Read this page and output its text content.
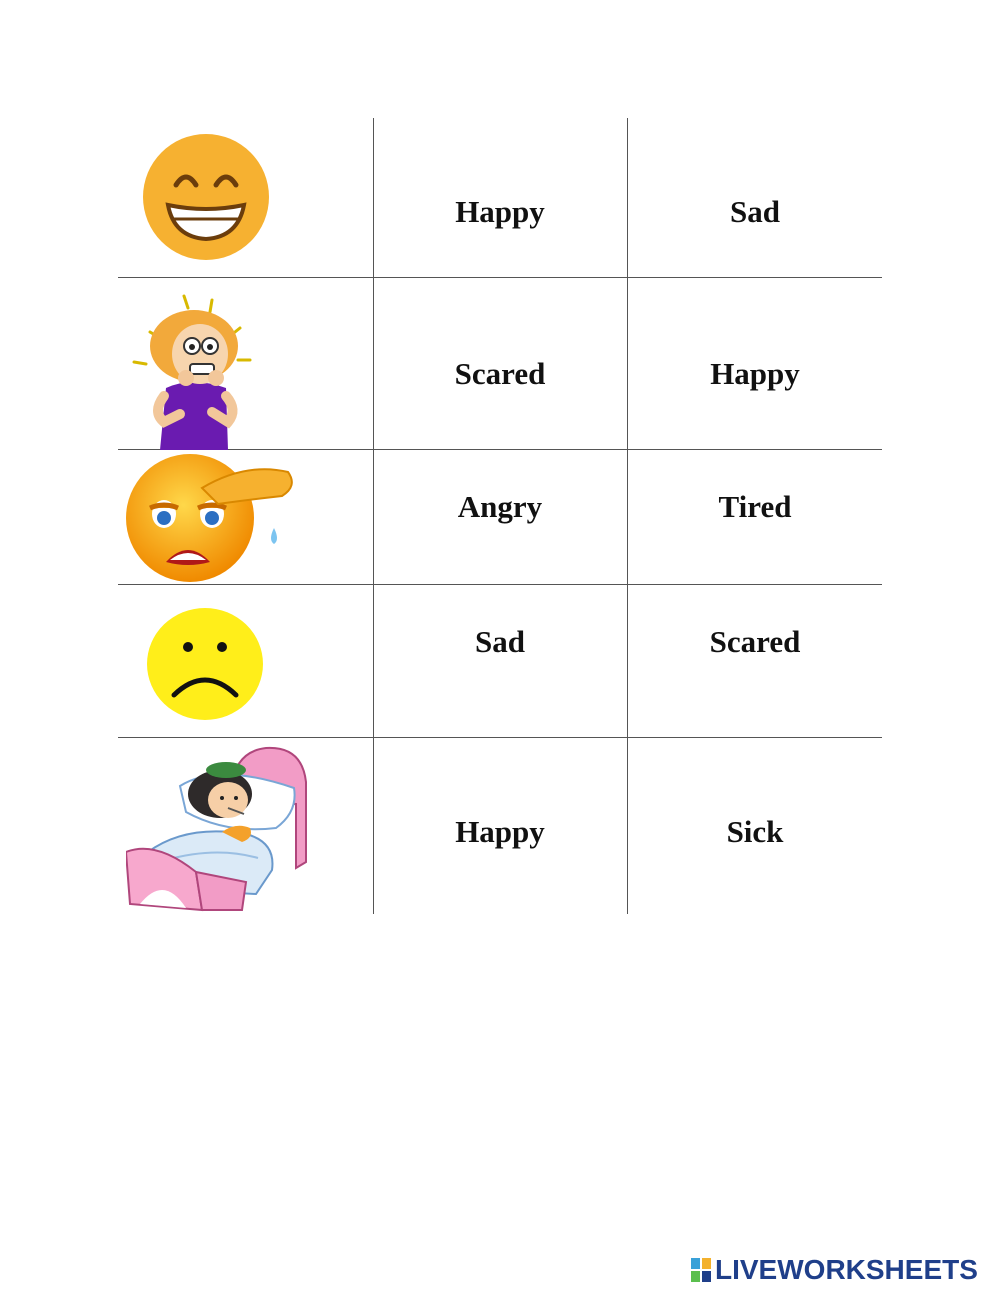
Happy	Sad
Scared	Happy
Angry	Tired
Sad	Scared
Happy	Sick
LIVEWORKSHEETS
